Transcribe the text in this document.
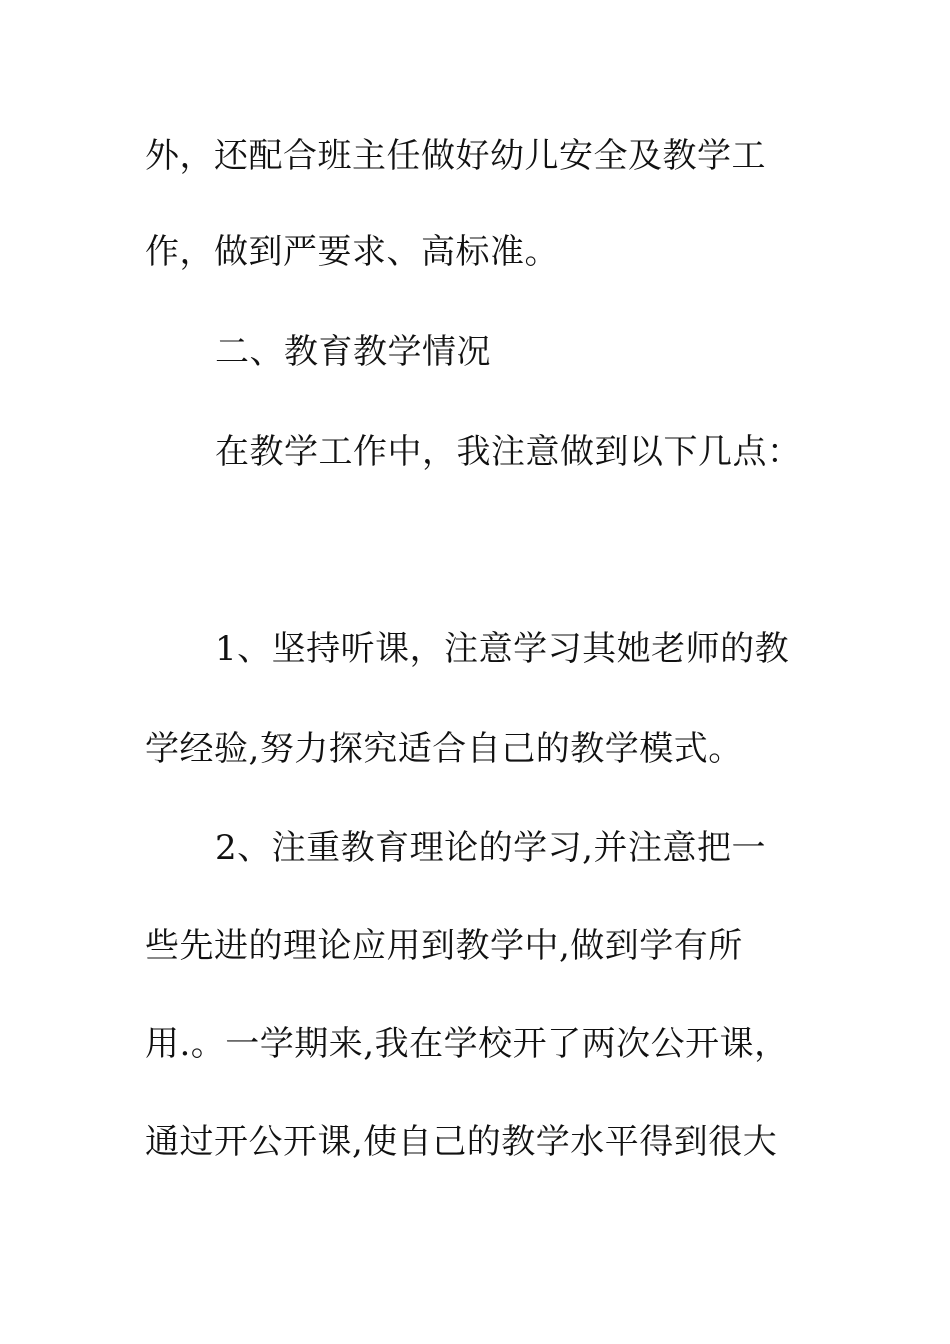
外，还配合班主任做好幼儿安全及教学工
作，做到严要求、高标准。
二、教育教学情况
在教学工作中，我注意做到以下几点：
1、坚持听课，注意学习其她老师的教
学经验,努力探究适合自己的教学模式。
2、注重教育理论的学习,并注意把一
些先进的理论应用到教学中,做到学有所
用.。一学期来,我在学校开了两次公开课，
通过开公开课,使自己的教学水平得到很大
